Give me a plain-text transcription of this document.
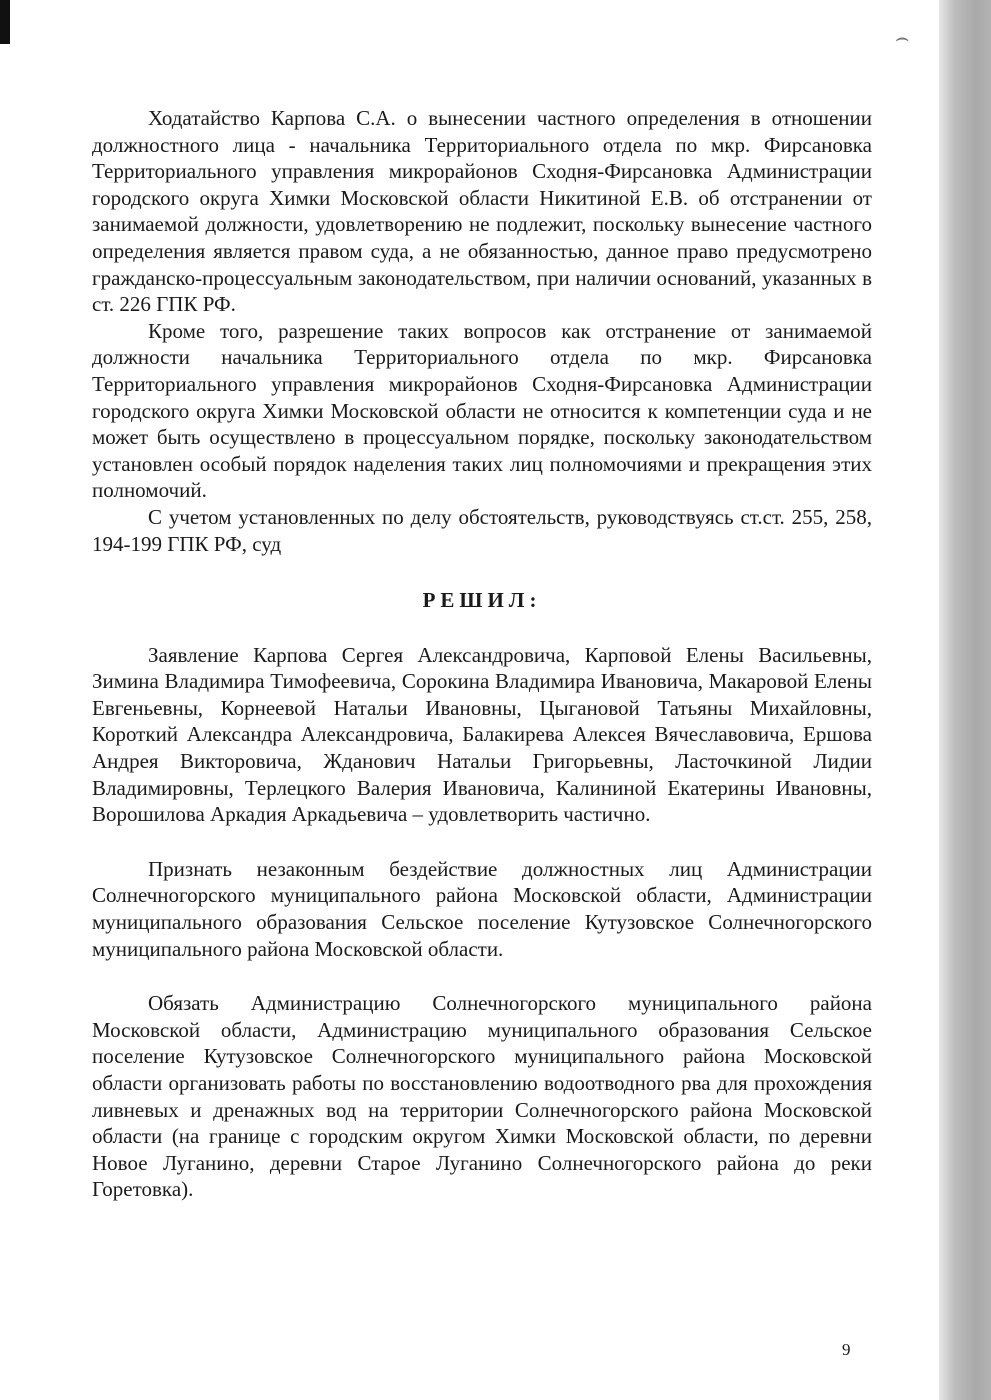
⌢

Ходатайство Карпова С.А. о вынесении частного определения в отношении должностного лица - начальника Территориального отдела по мкр. Фирсановка Территориального управления микрорайонов Сходня-Фирсановка Администрации городского округа Химки Московской области Никитиной Е.В. об отстранении от занимаемой должности, удовлетворению не подлежит, поскольку вынесение частного определения является правом суда, а не обязанностью, данное право предусмотрено гражданско-процессуальным законодательством, при наличии оснований, указанных в ст. 226 ГПК РФ.

Кроме того, разрешение таких вопросов как отстранение от занимаемой должности начальника Территориального отдела по мкр. Фирсановка Территориального управления микрорайонов Сходня-Фирсановка Администрации городского округа Химки Московской области не относится к компетенции суда и не может быть осуществлено в процессуальном порядке, поскольку законодательством установлен особый порядок наделения таких лиц полномочиями и прекращения этих полномочий.

С учетом установленных по делу обстоятельств, руководствуясь ст.ст. 255, 258, 194-199 ГПК РФ, суд

РЕШИЛ:

Заявление Карпова Сергея Александровича, Карповой Елены Васильевны, Зимина Владимира Тимофеевича, Сорокина Владимира Ивановича, Макаровой Елены Евгеньевны, Корнеевой Натальи Ивановны, Цыгановой Татьяны Михайловны, Короткий Александра Александровича, Балакирева Алексея Вячеславовича, Ершова Андрея Викторовича, Жданович Натальи Григорьевны, Ласточкиной Лидии Владимировны, Терлецкого Валерия Ивановича, Калининой Екатерины Ивановны, Ворошилова Аркадия Аркадьевича – удовлетворить частично.

Признать незаконным бездействие должностных лиц Администрации Солнечногорского муниципального района Московской области, Администрации муниципального образования Сельское поселение Кутузовское Солнечногорского муниципального района Московской области.

Обязать Администрацию Солнечногорского муниципального района Московской области, Администрацию муниципального образования Сельское поселение Кутузовское Солнечногорского муниципального района Московской области организовать работы по восстановлению водоотводного рва для прохождения ливневых и дренажных вод на территории Солнечногорского района Московской области (на границе с городским округом Химки Московской области, по деревни Новое Луганино, деревни Старое Луганино Солнечногорского района до реки Горетовка).

9
